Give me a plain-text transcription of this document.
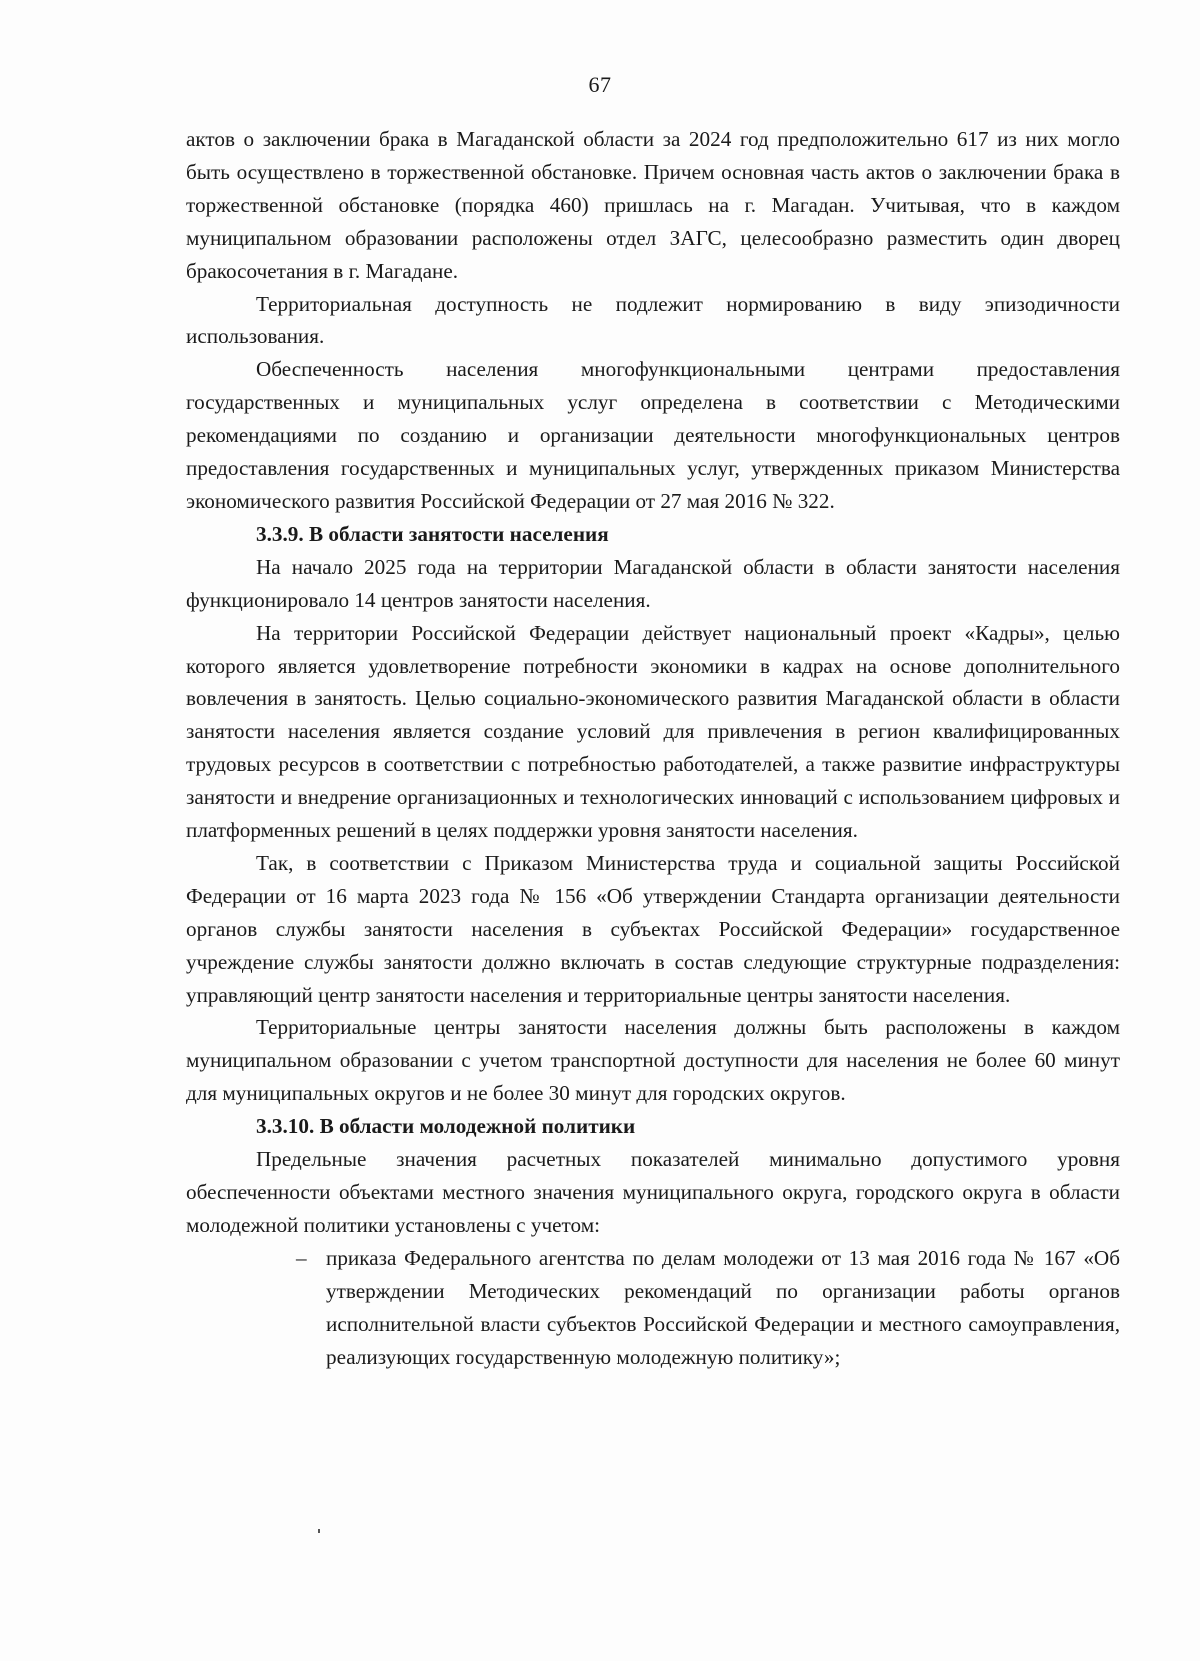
67

актов о заключении брака в Магаданской области за 2024 год предположительно 617 из них могло быть осуществлено в торжественной обстановке. Причем основная часть актов о заключении брака в торжественной обстановке (порядка 460) пришлась на г. Магадан. Учитывая, что в каждом муниципальном образовании расположены отдел ЗАГС, целесообразно разместить один дворец бракосочетания в г. Магадане.

Территориальная доступность не подлежит нормированию в виду эпизодичности использования.

Обеспеченность населения многофункциональными центрами предоставления государственных и муниципальных услуг определена в соответствии с Методическими рекомендациями по созданию и организации деятельности многофункциональных центров предоставления государственных и муниципальных услуг, утвержденных приказом Министерства экономического развития Российской Федерации от 27 мая 2016 № 322.

3.3.9. В области занятости населения

На начало 2025 года на территории Магаданской области в области занятости населения функционировало 14 центров занятости населения.

На территории Российской Федерации действует национальный проект «Кадры», целью которого является удовлетворение потребности экономики в кадрах на основе дополнительного вовлечения в занятость. Целью социально-экономического развития Магаданской области в области занятости населения является создание условий для привлечения в регион квалифицированных трудовых ресурсов в соответствии с потребностью работодателей, а также развитие инфраструктуры занятости и внедрение организационных и технологических инноваций с использованием цифровых и платформенных решений в целях поддержки уровня занятости населения.

Так, в соответствии с Приказом Министерства труда и социальной защиты Российской Федерации от 16 марта 2023 года № 156 «Об утверждении Стандарта организации деятельности органов службы занятости населения в субъектах Российской Федерации» государственное учреждение службы занятости должно включать в состав следующие структурные подразделения: управляющий центр занятости населения и территориальные центры занятости населения.

Территориальные центры занятости населения должны быть расположены в каждом муниципальном образовании с учетом транспортной доступности для населения не более 60 минут для муниципальных округов и не более 30 минут для городских округов.

3.3.10. В области молодежной политики

Предельные значения расчетных показателей минимально допустимого уровня обеспеченности объектами местного значения муниципального округа, городского округа в области молодежной политики установлены с учетом:

– приказа Федерального агентства по делам молодежи от 13 мая 2016 года № 167 «Об утверждении Методических рекомендаций по организации работы органов исполнительной власти субъектов Российской Федерации и местного самоуправления, реализующих государственную молодежную политику»;
